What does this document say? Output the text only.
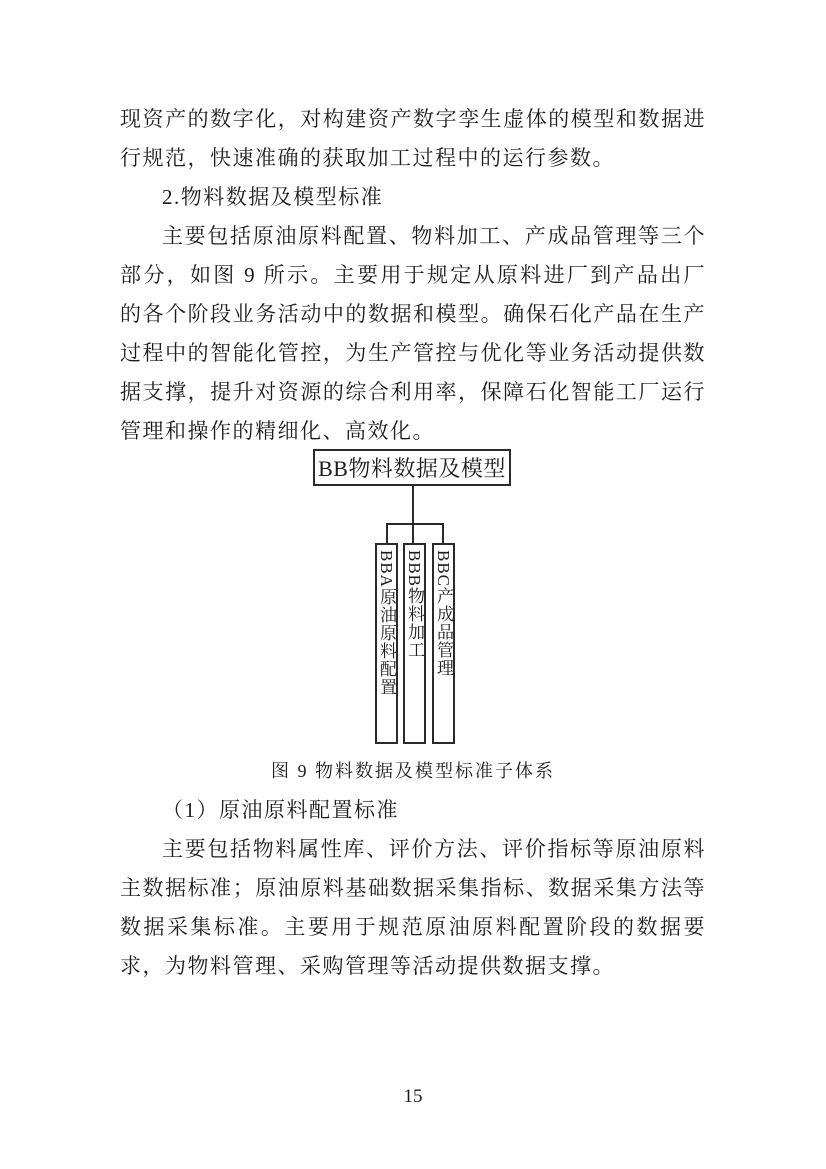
现资产的数字化，对构建资产数字孪生虚体的模型和数据进行规范，快速准确的获取加工过程中的运行参数。

2.物料数据及模型标准

主要包括原油原料配置、物料加工、产成品管理等三个部分，如图 9 所示。主要用于规定从原料进厂到产品出厂的各个阶段业务活动中的数据和模型。确保石化产品在生产过程中的智能化管控，为生产管控与优化等业务活动提供数据支撑，提升对资源的综合利用率，保障石化智能工厂运行管理和操作的精细化、高效化。

BB物料数据及模型
BBA原油原料配置 BBB物料加工 BBC产成品管理
图 9 物料数据及模型标准子体系

（1）原油原料配置标准

主要包括物料属性库、评价方法、评价指标等原油原料主数据标准；原油原料基础数据采集指标、数据采集方法等数据采集标准。主要用于规范原油原料配置阶段的数据要求，为物料管理、采购管理等活动提供数据支撑。

15
